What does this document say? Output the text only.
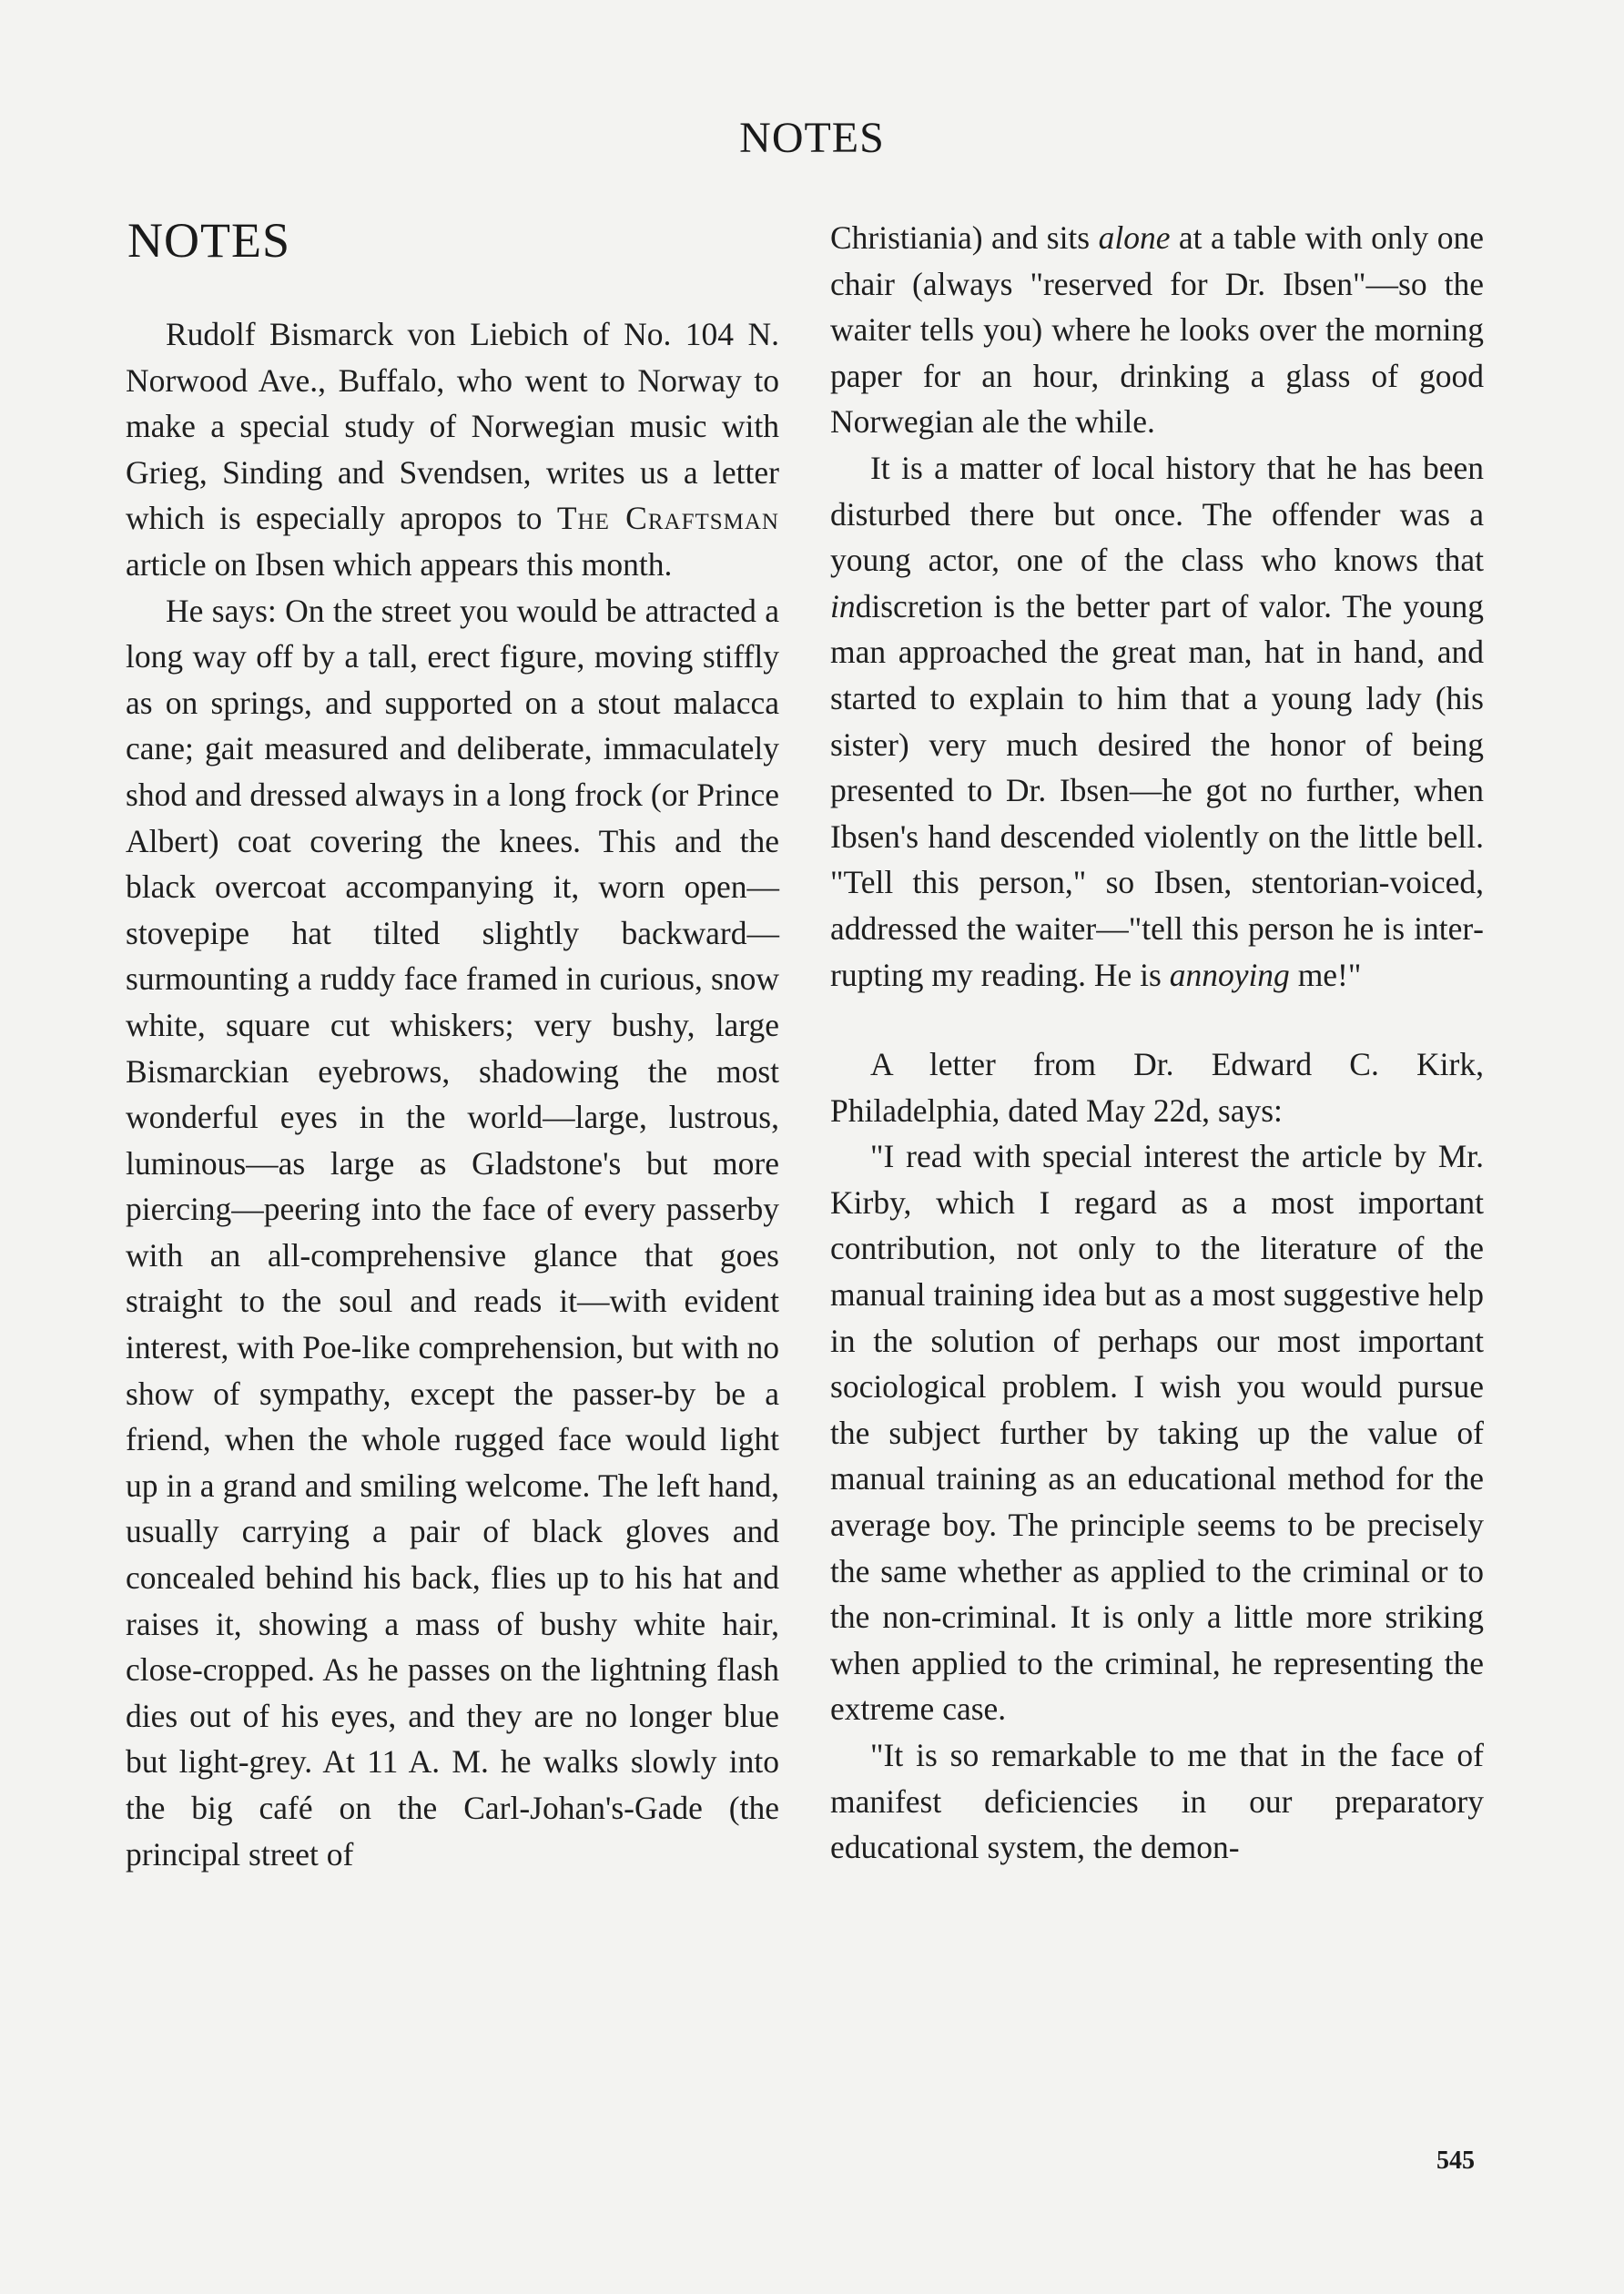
NOTES
NOTES

Rudolf Bismarck von Liebich of No. 104 N. Norwood Ave., Buffalo, who went to Norway to make a special study of Norwegian music with Grieg, Sinding and Svendsen, writes us a letter which is especially apropos to The Craftsman article on Ibsen which appears this month.

He says: On the street you would be attracted a long way off by a tall, erect figure, moving stiffly as on springs, and supported on a stout malacca cane; gait measured and deliberate, immaculately shod and dressed always in a long frock (or Prince Albert) coat covering the knees. This and the black overcoat accompanying it, worn open—stovepipe hat tilted slightly backward—surmounting a ruddy face framed in curious, snow white, square cut whiskers; very bushy, large Bismarckian eyebrows, shadowing the most wonderful eyes in the world—large, lustrous, luminous—as large as Gladstone's but more piercing—peering into the face of every passerby with an all-comprehensive glance that goes straight to the soul and reads it—with evident interest, with Poe-like comprehension, but with no show of sympathy, except the passer-by be a friend, when the whole rugged face would light up in a grand and smiling welcome. The left hand, usually carrying a pair of black gloves and concealed behind his back, flies up to his hat and raises it, showing a mass of bushy white hair, close-cropped. As he passes on the lightning flash dies out of his eyes, and they are no longer blue but light-grey. At 11 A. M. he walks slowly into the big café on the Carl-Johan's-Gade (the principal street of

Christiania) and sits alone at a table with only one chair (always "reserved for Dr. Ibsen"—so the waiter tells you) where he looks over the morning paper for an hour, drinking a glass of good Norwegian ale the while.

It is a matter of local history that he has been disturbed there but once. The offender was a young actor, one of the class who knows that indiscretion is the better part of valor. The young man approached the great man, hat in hand, and started to explain to him that a young lady (his sister) very much desired the honor of being presented to Dr. Ibsen—he got no further, when Ibsen's hand descended violently on the little bell. "Tell this person," so Ibsen, stentorian-voiced, addressed the waiter—"tell this person he is interrupting my reading. He is annoying me!"

A letter from Dr. Edward C. Kirk, Philadelphia, dated May 22d, says:

"I read with special interest the article by Mr. Kirby, which I regard as a most important contribution, not only to the literature of the manual training idea but as a most suggestive help in the solution of perhaps our most important sociological problem. I wish you would pursue the subject further by taking up the value of manual training as an educational method for the average boy. The principle seems to be precisely the same whether as applied to the criminal or to the non-criminal. It is only a little more striking when applied to the criminal, he representing the extreme case.

"It is so remarkable to me that in the face of manifest deficiencies in our preparatory educational system, the demon-

545
